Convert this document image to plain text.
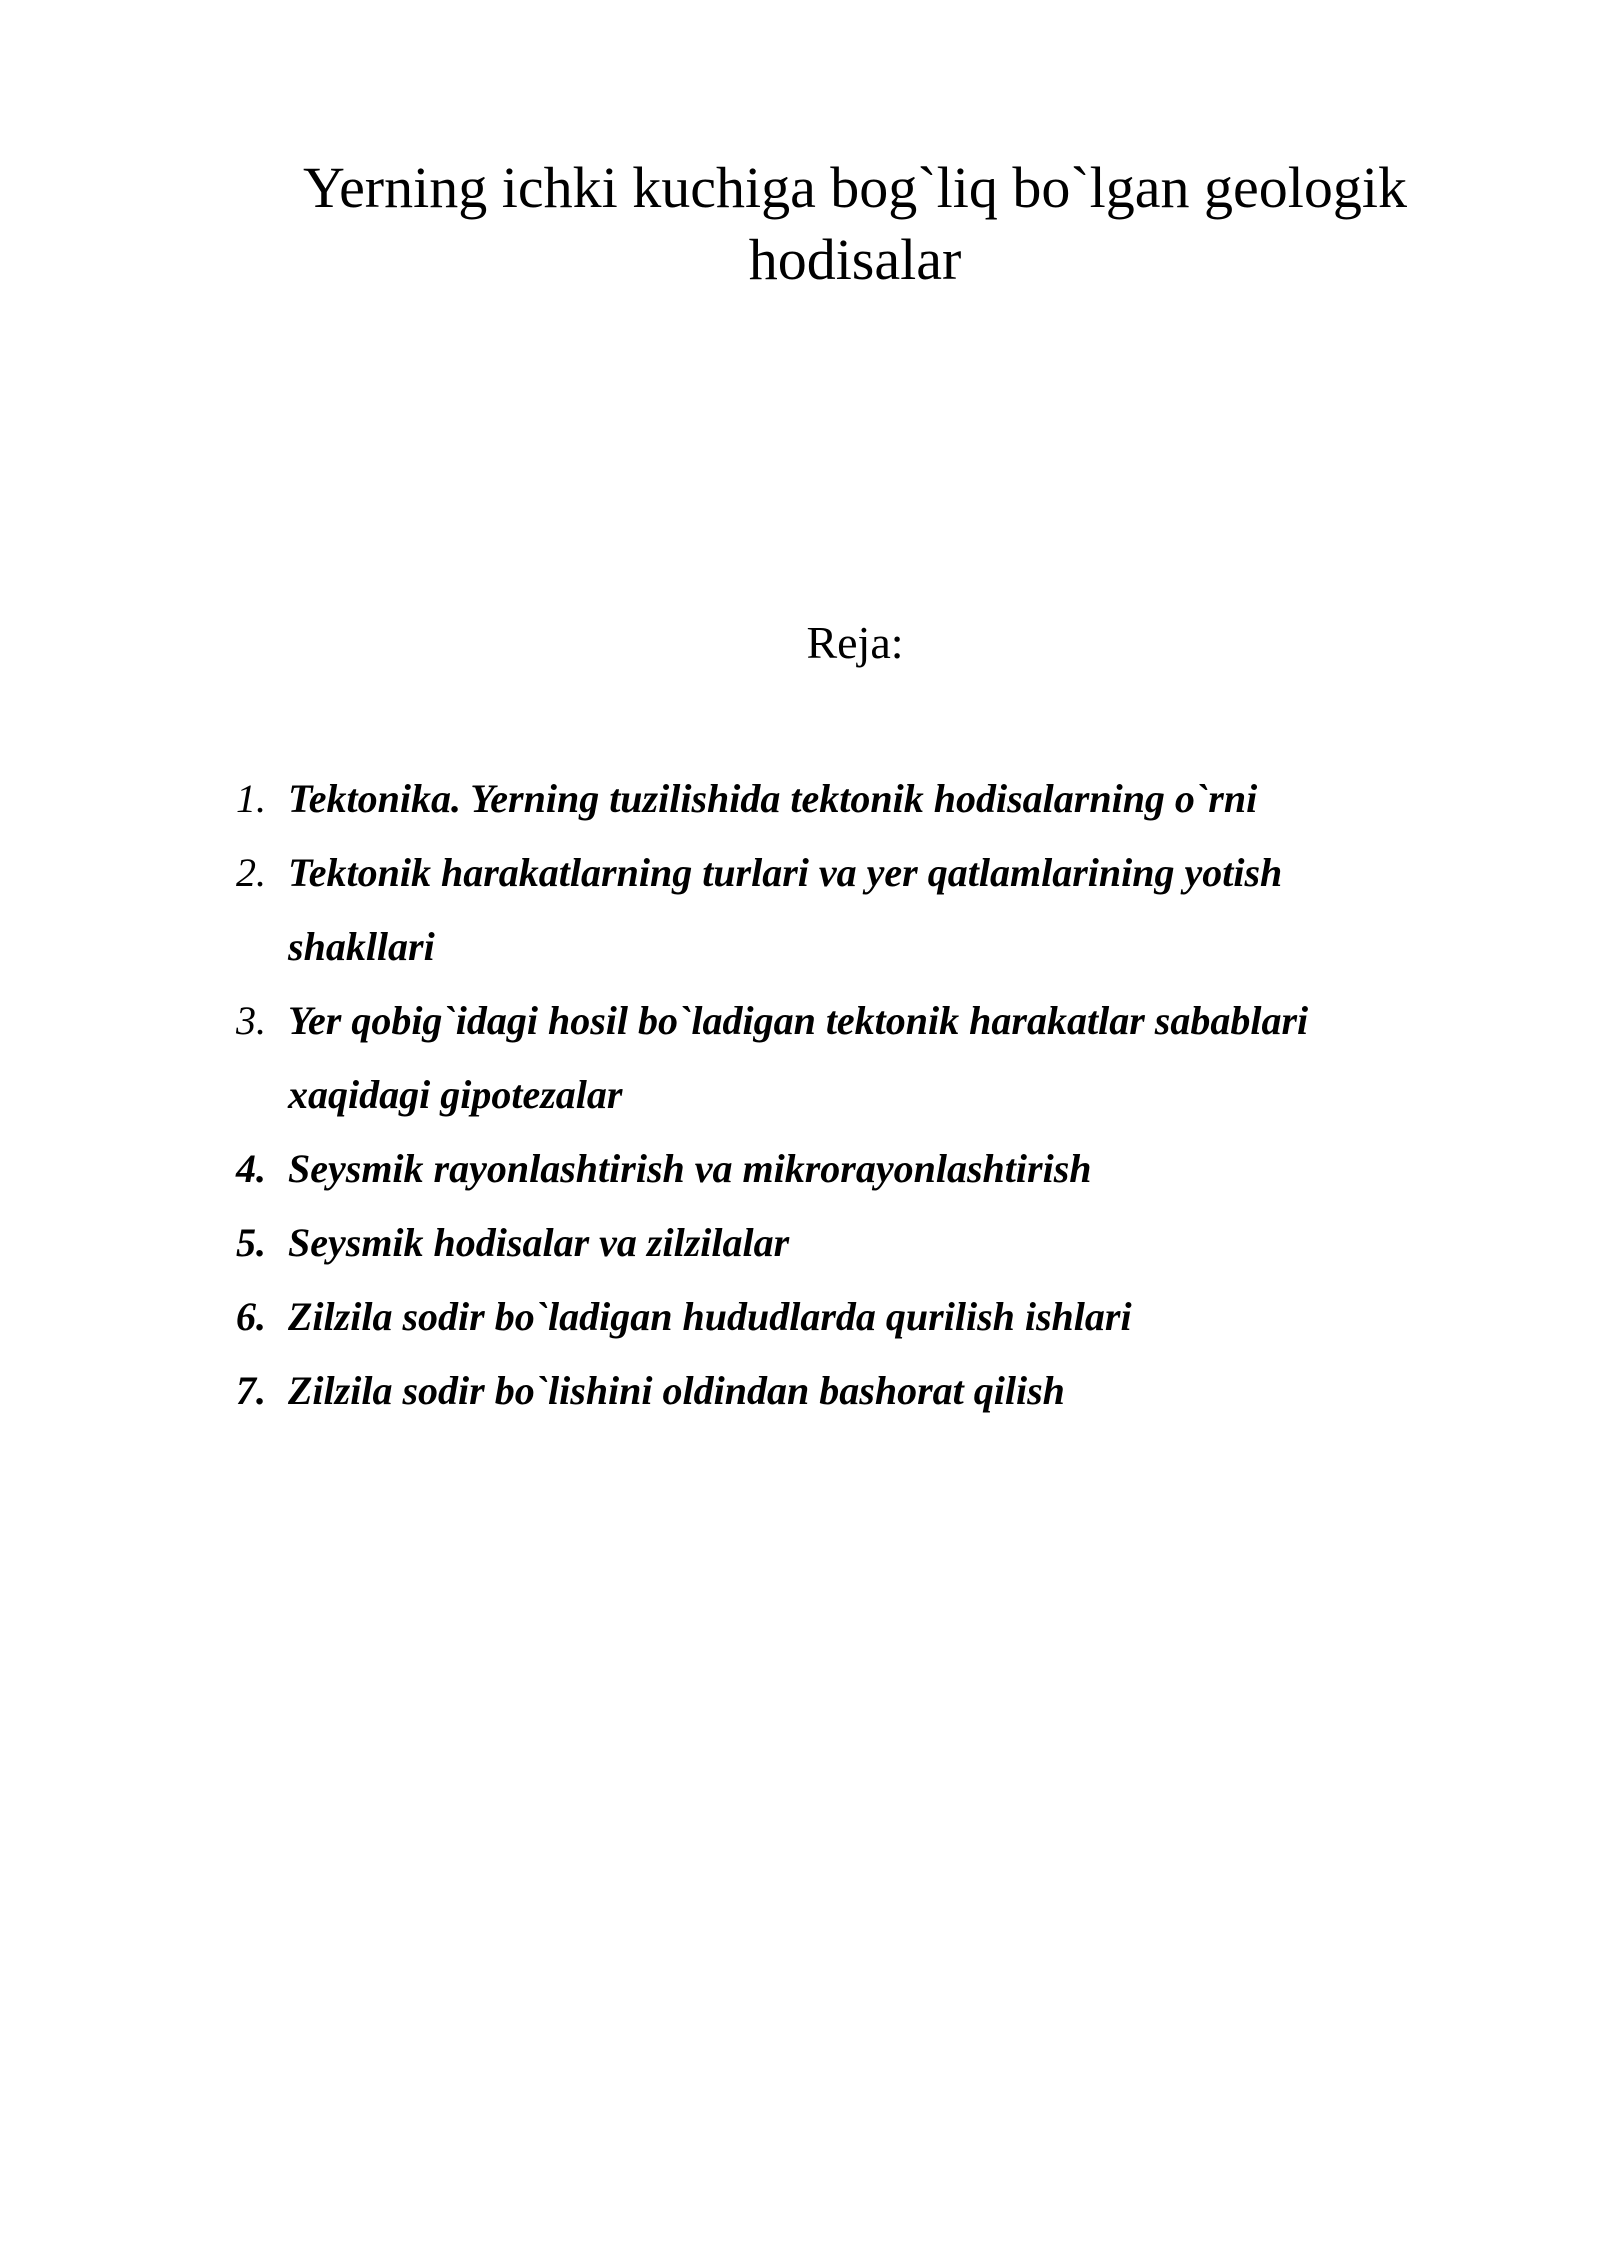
Yerning ichki kuchiga bog`liq bo`lgan geologik hodisalar

Reja:

1. Tektonika. Yerning tuzilishida tektonik hodisalarning o`rni
2. Tektonik harakatlarning turlari va yer qatlamlarining yotish shakllari
3. Yer qobig`idagi hosil bo`ladigan tektonik harakatlar sabablari xaqidagi gipotezalar
4. Seysmik rayonlashtirish va mikrorayonlashtirish
5. Seysmik hodisalar va zilzilalar
6. Zilzila sodir bo`ladigan hududlarda qurilish ishlari
7. Zilzila sodir bo`lishini oldindan bashorat qilish
